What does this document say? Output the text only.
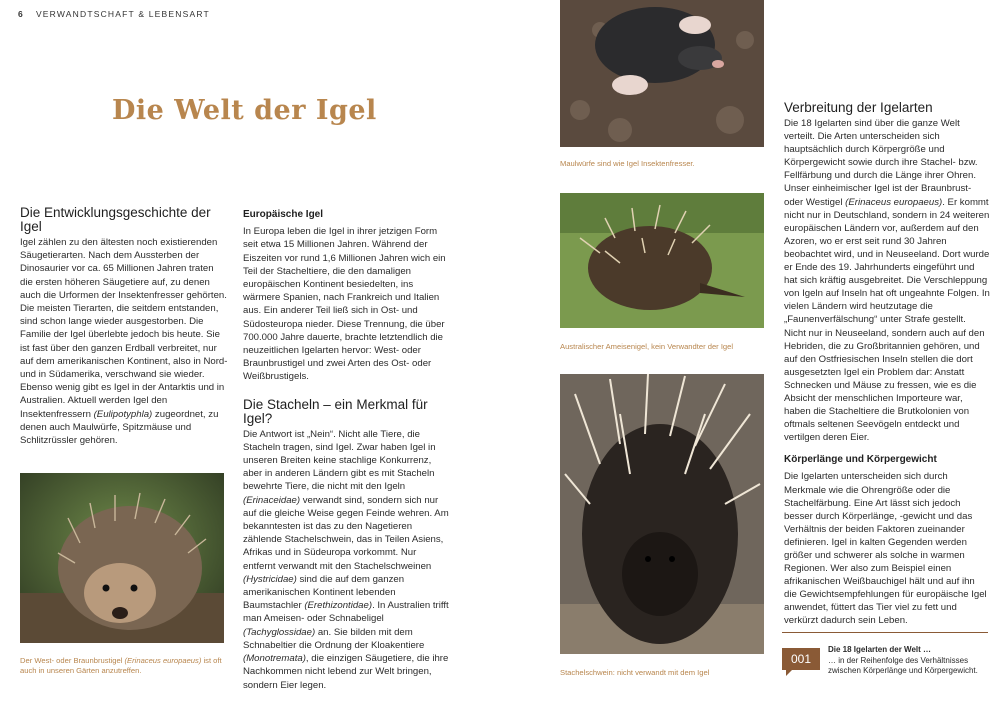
6 VERWANDTSCHAFT & LEBENSART
Die Welt der Igel
Die Entwicklungsgeschichte der Igel

Igel zählen zu den ältesten noch existierenden Säugetierarten. Nach dem Aussterben der Dinosaurier vor ca. 65 Millionen Jahren traten die ersten höheren Säugetiere auf, zu denen auch die Urformen der Insektenfresser gehörten. Die meisten Tierarten, die seitdem entstanden, sind schon lange wieder ausgestorben. Die Familie der Igel überlebte jedoch bis heute. Sie ist fast über den ganzen Erdball verbreitet, nur auf dem amerikanischen Kontinent, also in Nord- und in Südamerika, verschwand sie wieder. Ebenso wenig gibt es Igel in der Antarktis und in Australien. Aktuell werden Igel den Insektenfressern (Eulipotyphla) zugeordnet, zu denen auch Maulwürfe, Spitzmäuse und Schlitzrüssler gehören.

Der West- oder Braunbrustigel (Erinaceus europaeus) ist oft auch in unseren Gärten anzutreffen.
Europäische Igel

In Europa leben die Igel in ihrer jetzigen Form seit etwa 15 Millionen Jahren. Während der Eiszeiten vor rund 1,6 Millionen Jahren wich ein Teil der Stacheltiere, die den damaligen europäischen Kontinent besiedelten, ins wärmere Spanien, nach Frankreich und Italien aus. Ein anderer Teil ließ sich in Ost- und Südosteuropa nieder. Diese Trennung, die über 700.000 Jahre dauerte, brachte letztendlich die neuzeitlichen Igelarten hervor: West- oder Braunbrustigel und zwei Arten des Ost- oder Weißbrustigels.

Die Stacheln – ein Merkmal für Igel?

Die Antwort ist „Nein“. Nicht alle Tiere, die Stacheln tragen, sind Igel. Zwar haben Igel in unseren Breiten keine stachlige Konkurrenz, aber in anderen Ländern gibt es mit Stacheln bewehrte Tiere, die nicht mit den Igeln (Erinaceidae) verwandt sind, sondern sich nur auf die gleiche Weise gegen Feinde wehren. Am bekanntesten ist das zu den Nagetieren zählende Stachelschwein, das in Teilen Asiens, Afrikas und in Südeuropa vorkommt. Nur entfernt verwandt mit den Stachelschweinen (Hystricidae) sind die auf dem ganzen amerikanischen Kontinent lebenden Baumstachler (Erethizontidae). In Australien trifft man Ameisen- oder Schnabeligel (Tachyglossidae) an. Sie bilden mit dem Schnabeltier die Ordnung der Kloakentiere (Monotremata), die einzigen Säugetiere, die ihre Nachkommen nicht lebend zur Welt bringen, sondern Eier legen.

Maulwürfe sind wie Igel Insektenfresser.
Australischer Ameisenigel, kein Verwandter der Igel
Stachelschwein: nicht verwandt mit dem Igel
Verbreitung der Igelarten

Die 18 Igelarten sind über die ganze Welt verteilt. Die Arten unterscheiden sich hauptsächlich durch Körpergröße und Körpergewicht sowie durch ihre Stachel- bzw. Fellfärbung und durch die Länge ihrer Ohren.

Unser einheimischer Igel ist der Braunbrust- oder Westigel (Erinaceus europaeus). Er kommt nicht nur in Deutschland, sondern in 24 weiteren europäischen Ländern vor, außerdem auf den Azoren, wo er erst seit rund 30 Jahren beobachtet wird, und in Neuseeland. Dort wurde er Ende des 19. Jahrhunderts eingeführt und hat sich kräftig ausgebreitet. Die Verschleppung von Igeln auf Inseln hat oft ungeahnte Folgen. In vielen Ländern wird heutzutage die „Faunenverfälschung“ unter Strafe gestellt. Nicht nur in Neuseeland, sondern auch auf den Hebriden, die zu Großbritannien gehören, und auf den Ostfriesischen Inseln stellen die dort ausgesetzten Igel ein Problem dar: Anstatt Schnecken und Mäuse zu fressen, wie es die Absicht der menschlichen Importeure war, haben die Stacheltiere die Brutkolonien von oftmals seltenen Seevögeln entdeckt und vertilgen deren Eier.

Körperlänge und Körpergewicht

Die Igelarten unterscheiden sich durch Merkmale wie die Ohrengröße oder die Stachelfärbung. Eine Art lässt sich jedoch besser durch Körperlänge, -gewicht und das Verhältnis der beiden Faktoren zueinander definieren. Igel in kalten Gegenden werden größer und schwerer als solche in warmen Regionen. Wer also zum Beispiel einen afrikanischen Weißbauchigel hält und auf ihn die Gewichtsempfehlungen für europäische Igel anwendet, füttert das Tier viel zu fett und verkürzt dadurch sein Leben.

001
Die 18 Igelarten der Welt …
… in der Reihenfolge des Verhältnisses zwischen Körperlänge und Körpergewicht.
